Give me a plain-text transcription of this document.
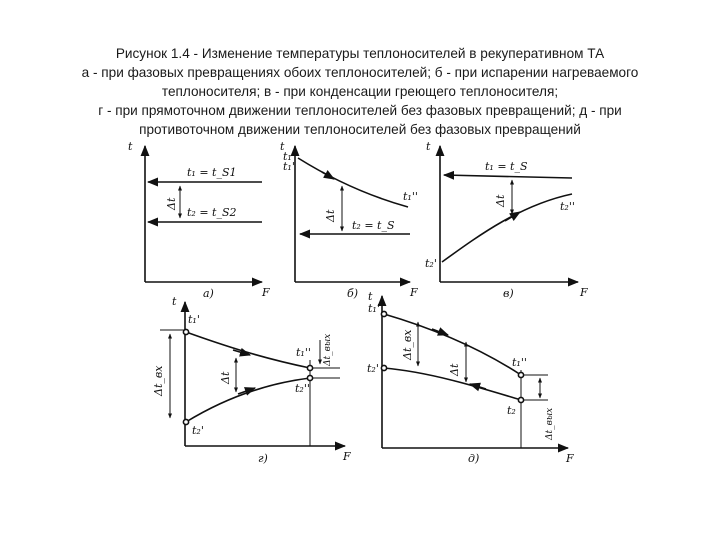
Рисунок 1.4 - Изменение температуры теплоносителей в рекуперативном ТА
а - при фазовых превращениях обоих теплоносителей; б - при испарении нагреваемого
теплоносителя; в - при конденсации греющего теплоносителя;
г - при прямоточном движении теплоносителей без фазовых превращений; д - при
противоточном движении теплоносителей без фазовых превращений
t
F
а)
t₁ = t_S1
t₂ = t_S2
Δt
t
F
б)
t₁'
t₁'
t₁''
t₂ = t_S
Δt
t
F
в)
t₁ = t_S
t₂'
t₂''
Δt
t
F
г)
t₁'
t₁''
t₂'
t₂''
Δt
Δt_вх
Δt_вых
t
F
д)
t₁'
t₁''
t₂'
t₂
Δt
Δt_вх
Δt_вых
